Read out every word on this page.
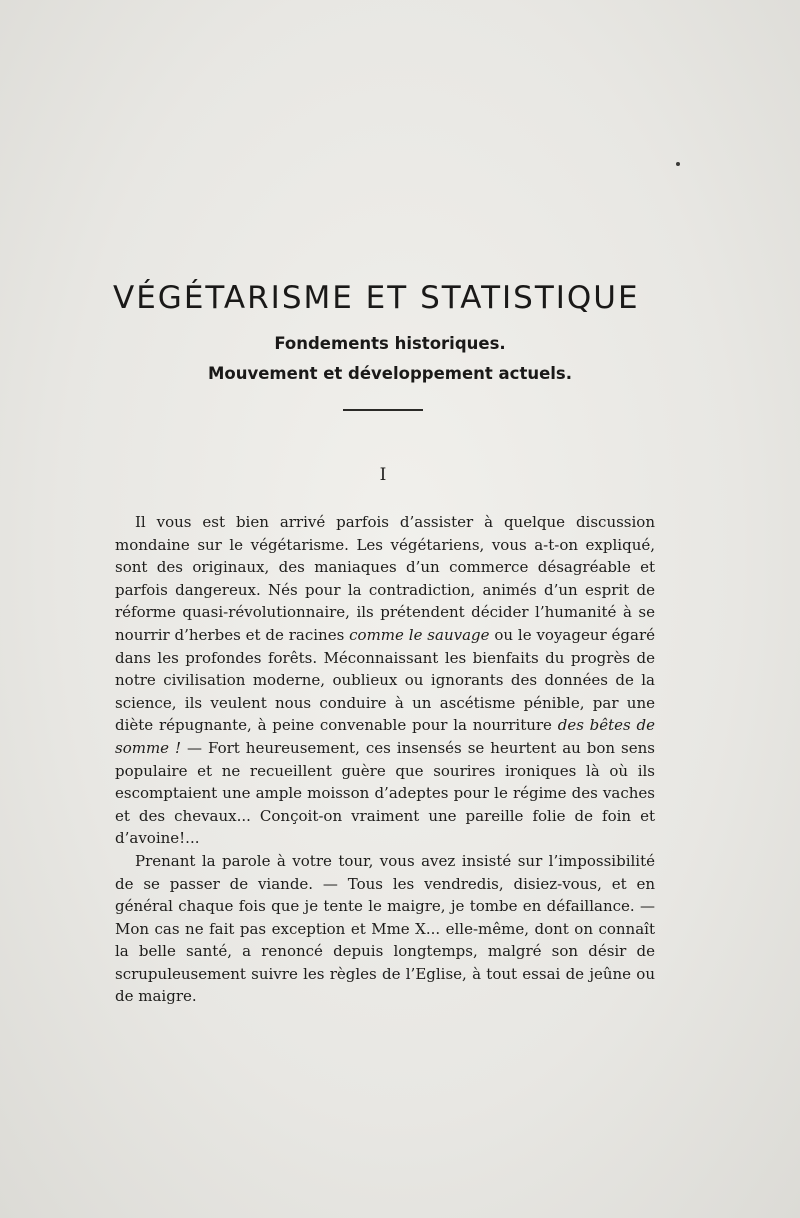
VÉGÉTARISME ET STATISTIQUE
Fondements historiques.
Mouvement et développement actuels.
I

Il vous est bien arrivé parfois d’assister à quelque discussion mondaine sur le végétarisme. Les végétariens, vous a-t-on expliqué, sont des originaux, des maniaques d’un commerce désagréable et parfois dangereux. Nés pour la contradiction, animés d’un esprit de réforme quasi-révolutionnaire, ils prétendent décider l’humanité à se nourrir d’herbes et de racines comme le sauvage ou le voyageur égaré dans les profondes forêts. Méconnaissant les bienfaits du progrès de notre civilisation moderne, oublieux ou ignorants des données de la science, ils veulent nous conduire à un ascétisme pénible, par une diète répugnante, à peine convenable pour la nourriture des bêtes de somme ! — Fort heureusement, ces insensés se heurtent au bon sens populaire et ne recueillent guère que sourires ironiques là où ils escomptaient une ample moisson d’adeptes pour le régime des vaches et des chevaux... Conçoit-on vraiment une pareille folie de foin et d’avoine!...

Prenant la parole à votre tour, vous avez insisté sur l’impossibilité de se passer de viande. — Tous les vendredis, disiez-vous, et en général chaque fois que je tente le maigre, je tombe en défaillance. — Mon cas ne fait pas exception et Mme X... elle-même, dont on connaît la belle santé, a renoncé depuis longtemps, malgré son désir de scrupuleusement suivre les règles de l’Eglise, à tout essai de jeûne ou de maigre.
